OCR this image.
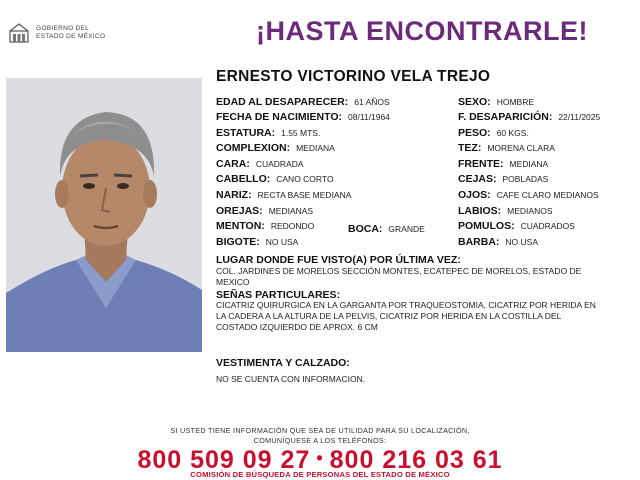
GOBIERNO DEL
ESTADO DE MÉXICO	¡HASTA ENCONTRARLE!
ERNESTO VICTORINO VELA TREJO
EDAD AL DESAPARECER: 61 AÑOS
FECHA DE NACIMIENTO: 08/11/1964
ESTATURA: 1.55 MTS.
COMPLEXION: MEDIANA
CARA: CUADRADA
CABELLO: CANO CORTO
NARIZ: RECTA BASE MEDIANA
OREJAS: MEDIANAS
MENTON: REDONDO	BOCA: GRANDE
BIGOTE: NO USA
SEXO: HOMBRE
F. DESAPARICIÓN: 22/11/2025
PESO: 60 KGS.
TEZ: MORENA CLARA
FRENTE: MEDIANA
CEJAS: POBLADAS
OJOS: CAFE CLARO MEDIANOS
LABIOS: MEDIANOS
POMULOS: CUADRADOS
BARBA: NO USA
LUGAR DONDE FUE VISTO(A) POR ÚLTIMA VEZ:
COL. JARDINES DE MORELOS SECCIÓN MONTES, ECATEPEC DE MORELOS, ESTADO DE MEXICO
SEÑAS PARTICULARES:
CICATRIZ QUIRURGICA EN LA GARGANTA POR TRAQUEOSTOMIA, CICATRIZ POR HERIDA EN LA CADERA A LA ALTURA DE LA PELVIS, CICATRIZ POR HERIDA EN LA COSTILLA DEL COSTADO IZQUIERDO DE APROX. 6 CM
VESTIMENTA Y CALZADO:
NO SE CUENTA CON INFORMACION.
SI USTED TIENE INFORMACIÓN QUE SEA DE UTILIDAD PARA SU LOCALIZACIÓN,
COMUNÍQUESE A LOS TELÉFONOS:
800 509 09 27 • 800 216 03 61
COMISIÓN DE BÚSQUEDA DE PERSONAS DEL ESTADO DE MÉXICO
